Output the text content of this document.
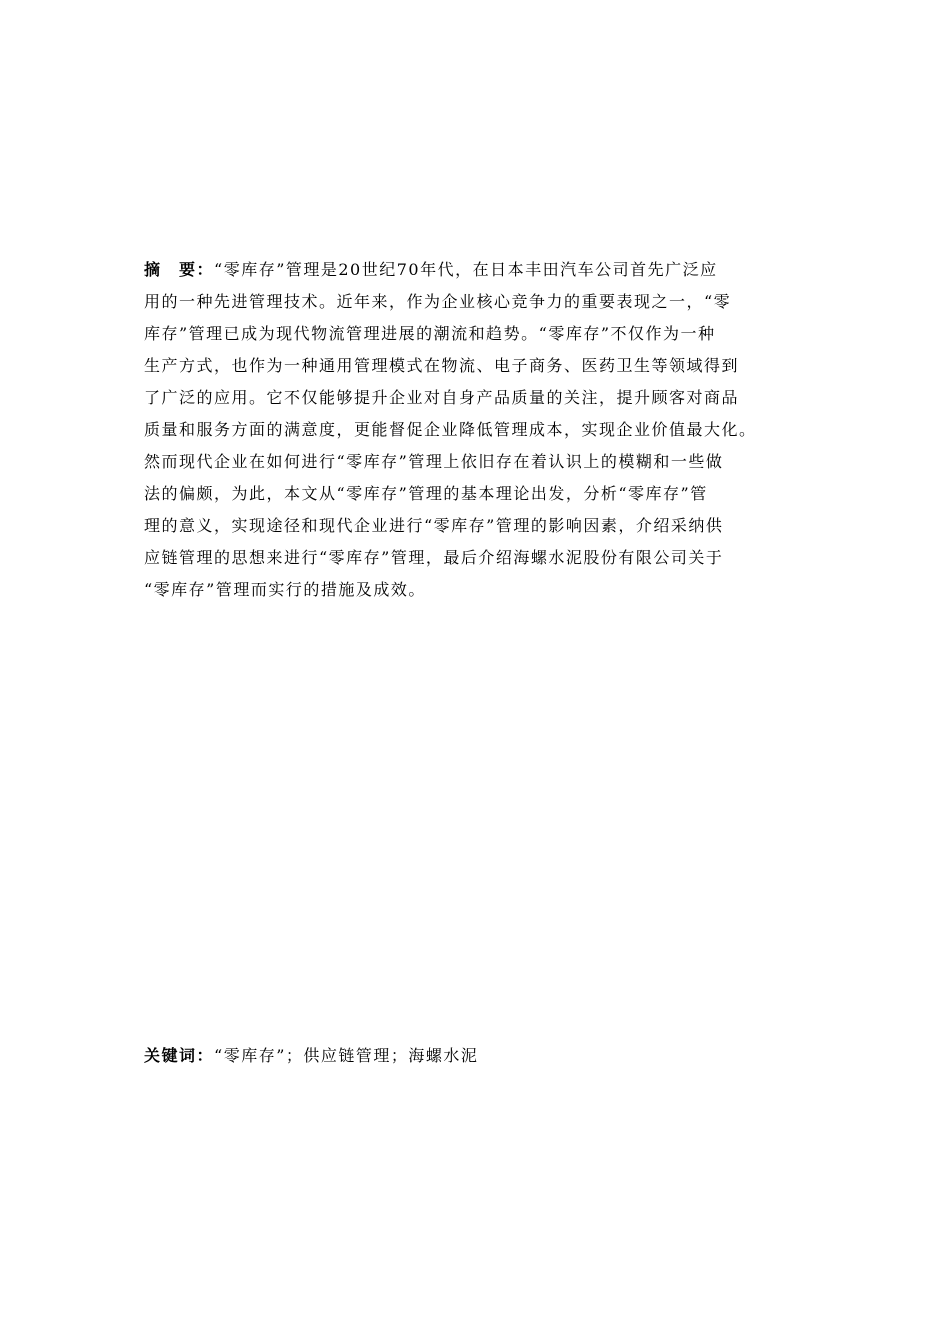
摘　要：“零库存”管理是20世纪70年代，在日本丰田汽车公司首先广泛应
用的一种先进管理技术。近年来，作为企业核心竞争力的重要表现之一，“零
库存”管理已成为现代物流管理进展的潮流和趋势。“零库存”不仅作为一种
生产方式，也作为一种通用管理模式在物流、电子商务、医药卫生等领域得到
了广泛的应用。它不仅能够提升企业对自身产品质量的关注，提升顾客对商品
质量和服务方面的满意度，更能督促企业降低管理成本，实现企业价值最大化。
然而现代企业在如何进行“零库存”管理上依旧存在着认识上的模糊和一些做
法的偏颇，为此，本文从“零库存”管理的基本理论出发，分析“零库存”管
理的意义，实现途径和现代企业进行“零库存”管理的影响因素，介绍采纳供
应链管理的思想来进行“零库存”管理，最后介绍海螺水泥股份有限公司关于
“零库存”管理而实行的措施及成效。
关键词：“零库存”；供应链管理；海螺水泥
